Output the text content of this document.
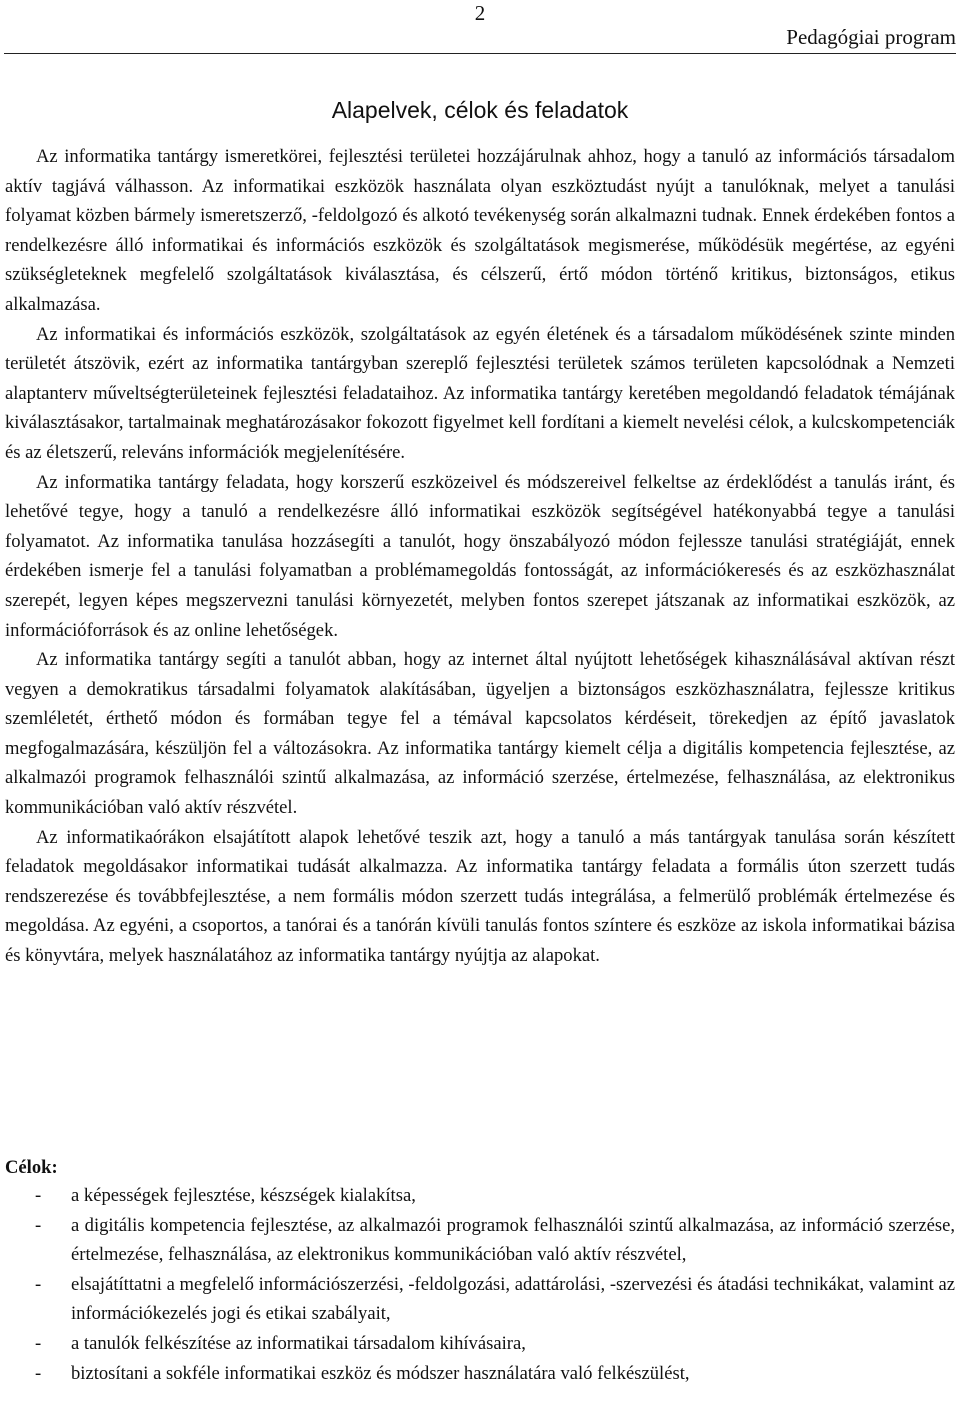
2
Pedagógiai program
Alapelvek, célok és feladatok

Az informatika tantárgy ismeretkörei, fejlesztési területei hozzájárulnak ahhoz, hogy a tanuló az információs társadalom aktív tagjává válhasson. Az informatikai eszközök használata olyan eszköztudást nyújt a tanulóknak, melyet a tanulási folyamat közben bármely ismeretszerző, -feldolgozó és alkotó tevékenység során alkalmazni tudnak. Ennek érdekében fontos a rendelkezésre álló informatikai és információs eszközök és szolgáltatások megismerése, működésük megértése, az egyéni szükségleteknek megfelelő szolgáltatások kiválasztása, és célszerű, értő módon történő kritikus, biztonságos, etikus alkalmazása.

Az informatikai és információs eszközök, szolgáltatások az egyén életének és a társadalom működésének szinte minden területét átszövik, ezért az informatika tantárgyban szereplő fejlesztési területek számos területen kapcsolódnak a Nemzeti alaptanterv műveltségterületeinek fejlesztési feladataihoz. Az informatika tantárgy keretében megoldandó feladatok témájának kiválasztásakor, tartalmainak meghatározásakor fokozott figyelmet kell fordítani a kiemelt nevelési célok, a kulcskompetenciák és az életszerű, releváns információk megjelenítésére.

Az informatika tantárgy feladata, hogy korszerű eszközeivel és módszereivel felkeltse az érdeklődést a tanulás iránt, és lehetővé tegye, hogy a tanuló a rendelkezésre álló informatikai eszközök segítségével hatékonyabbá tegye a tanulási folyamatot. Az informatika tanulása hozzásegíti a tanulót, hogy önszabályozó módon fejlessze tanulási stratégiáját, ennek érdekében ismerje fel a tanulási folyamatban a problémamegoldás fontosságát, az információkeresés és az eszközhasználat szerepét, legyen képes megszervezni tanulási környezetét, melyben fontos szerepet játszanak az informatikai eszközök, az információforrások és az online lehetőségek.

Az informatika tantárgy segíti a tanulót abban, hogy az internet által nyújtott lehetőségek kihasználásával aktívan részt vegyen a demokratikus társadalmi folyamatok alakításában, ügyeljen a biztonságos eszközhasználatra, fejlessze kritikus szemléletét, érthető módon és formában tegye fel a témával kapcsolatos kérdéseit, törekedjen az építő javaslatok megfogalmazására, készüljön fel a változásokra. Az informatika tantárgy kiemelt célja a digitális kompetencia fejlesztése, az alkalmazói programok felhasználói szintű alkalmazása, az információ szerzése, értelmezése, felhasználása, az elektronikus kommunikációban való aktív részvétel.

Az informatikaórákon elsajátított alapok lehetővé teszik azt, hogy a tanuló a más tantárgyak tanulása során készített feladatok megoldásakor informatikai tudását alkalmazza. Az informatika tantárgy feladata a formális úton szerzett tudás rendszerezése és továbbfejlesztése, a nem formális módon szerzett tudás integrálása, a felmerülő problémák értelmezése és megoldása. Az egyéni, a csoportos, a tanórai és a tanórán kívüli tanulás fontos színtere és eszköze az iskola informatikai bázisa és könyvtára, melyek használatához az informatika tantárgy nyújtja az alapokat.

Célok:
- a képességek fejlesztése, készségek kialakítsa,
- a digitális kompetencia fejlesztése, az alkalmazói programok felhasználói szintű alkalmazása, az információ szerzése, értelmezése, felhasználása, az elektronikus kommunikációban való aktív részvétel,
- elsajátíttatni a megfelelő információszerzési, -feldolgozási, adattárolási, -szervezési és átadási technikákat, valamint az információkezelés jogi és etikai szabályait,
- a tanulók felkészítése az informatikai társadalom kihívásaira,
- biztosítani a sokféle informatikai eszköz és módszer használatára való felkészülést,
